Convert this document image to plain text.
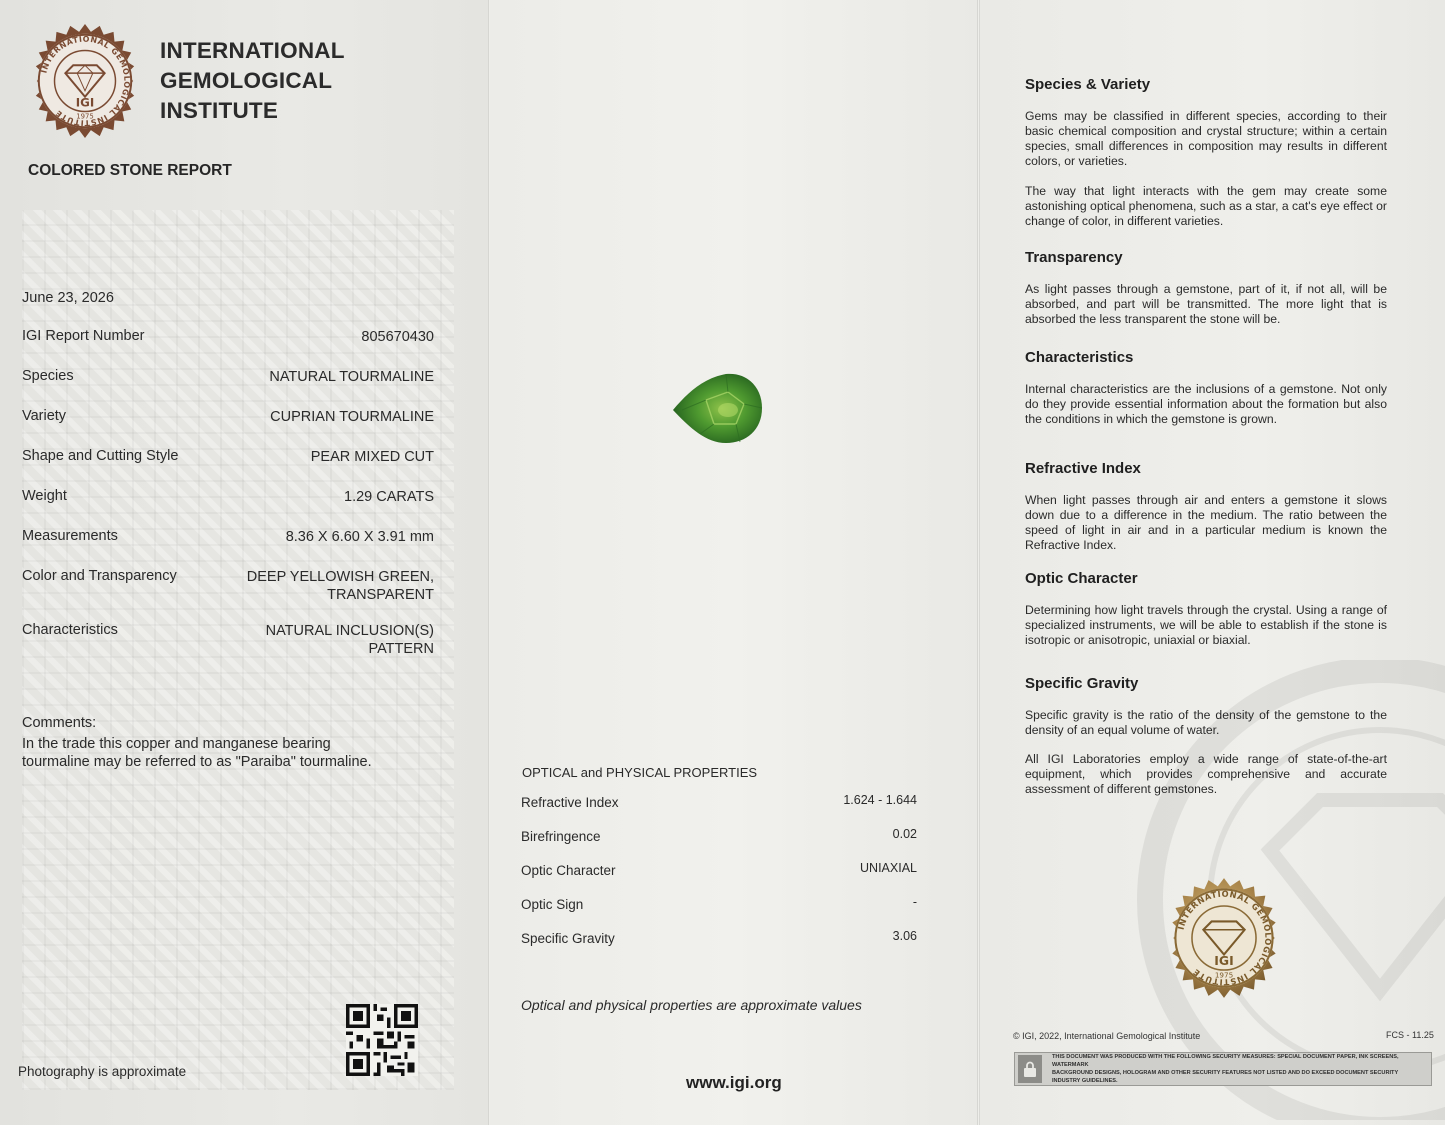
INTERNATIONAL GEMOLOGICAL INSTITUTE
IGI
1975
INTERNATIONAL
GEMOLOGICAL
INSTITUTE
COLORED STONE REPORT
June 23, 2026
IGI Report Number	805670430
Species	NATURAL TOURMALINE
Variety	CUPRIAN TOURMALINE
Shape and Cutting Style	PEAR MIXED CUT
Weight	1.29 CARATS
Measurements	8.36 X 6.60 X 3.91 mm
Color and Transparency	DEEP YELLOWISH GREEN,
TRANSPARENT
Characteristics	NATURAL INCLUSION(S)
PATTERN
Comments:
In the trade this copper and manganese bearing
tourmaline may be referred to as "Paraiba" tourmaline.
Photography is approximate
OPTICAL and PHYSICAL PROPERTIES
Refractive Index	1.624 - 1.644
Birefringence	0.02
Optic Character	UNIAXIAL
Optic Sign	-
Specific Gravity	3.06
Optical and physical properties are approximate values
www.igi.org
Species & Variety

Gems may be classified in different species, according to their basic chemical composition and crystal structure; within a certain species, small differences in composition may results in different colors, or varieties.

The way that light interacts with the gem may create some astonishing optical phenomena, such as a star, a cat's eye effect or change of color, in different varieties.

Transparency

As light passes through a gemstone, part of it, if not all, will be absorbed, and part will be transmitted. The more light that is absorbed the less transparent the stone will be.

Characteristics

Internal characteristics are the inclusions of a gemstone. Not only do they provide essential information about the formation but also the conditions in which the gemstone is grown.

Refractive Index

When light passes through air and enters a gemstone it slows down due to a difference in the medium. The ratio between the speed of light in air and in a particular medium is known the Refractive Index.

Optic Character

Determining how light travels through the crystal. Using a range of specialized instruments, we will be able to establish if the stone is isotropic or anisotropic, uniaxial or biaxial.

Specific Gravity

Specific gravity is the ratio of the density of the gemstone to the density of an equal volume of water.

All IGI Laboratories employ a wide range of state-of-the-art equipment, which provides comprehensive and accurate assessment of different gemstones.

INTERNATIONAL GEMOLOGICAL INSTITUTE
IGI
1975
© IGI, 2022, International Gemological Institute	FCS - 11.25
THIS DOCUMENT WAS PRODUCED WITH THE FOLLOWING SECURITY MEASURES: SPECIAL DOCUMENT PAPER, INK SCREENS, WATERMARK
BACKGROUND DESIGNS, HOLOGRAM AND OTHER SECURITY FEATURES NOT LISTED AND DO EXCEED DOCUMENT SECURITY INDUSTRY GUIDELINES.
